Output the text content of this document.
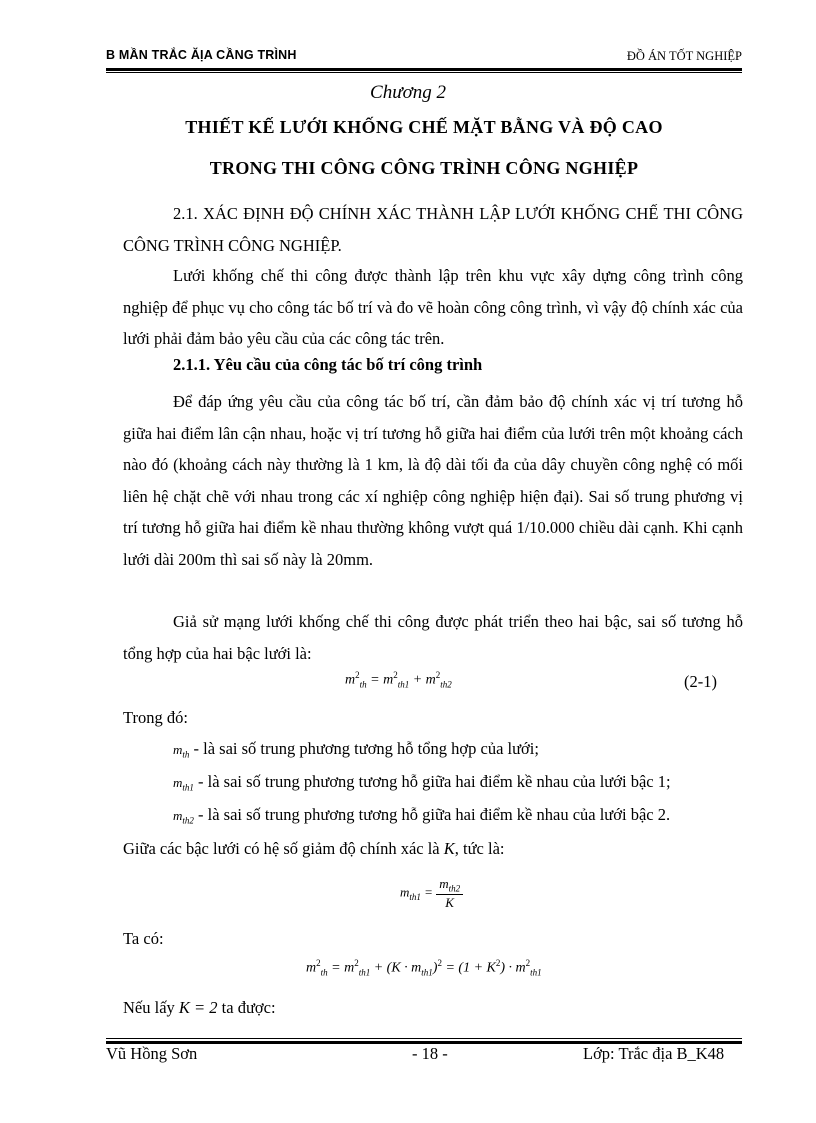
B MẦN TRẮC ĂỊA CẦNG TRÌNH	ĐỒ ÁN TỐT NGHIỆP
Chương 2
THIẾT KẾ LƯỚI KHỐNG CHẾ MẶT BẰNG VÀ ĐỘ CAO
TRONG THI CÔNG CÔNG TRÌNH CÔNG NGHIỆP
2.1. XÁC ĐỊNH ĐỘ CHÍNH XÁC THÀNH LẬP LƯỚI KHỐNG CHẾ THI CÔNG CÔNG TRÌNH CÔNG NGHIỆP.
Lưới khống chế thi công được thành lập trên khu vực xây dựng công trình công nghiệp để phục vụ cho công tác bố trí và đo vẽ hoàn công công trình, vì vậy độ chính xác của lưới phải đảm bảo yêu cầu của các công tác trên.
2.1.1. Yêu cầu của công tác bố trí công trình
Để đáp ứng yêu cầu của công tác bố trí, cần đảm bảo độ chính xác vị trí tương hỗ giữa hai điểm lân cận nhau, hoặc vị trí tương hỗ giữa hai điểm của lưới trên một khoảng cách nào đó (khoảng cách này thường là 1 km, là độ dài tối đa của dây chuyền công nghệ có mối liên hệ chặt chẽ với nhau trong các xí nghiệp công nghiệp hiện đại). Sai số trung phương vị trí tương hỗ giữa hai điểm kề nhau thường không vượt quá 1/10.000 chiều dài cạnh. Khi cạnh lưới dài 200m thì sai số này là 20mm.
Giả sử mạng lưới khống chế thi công được phát triển theo hai bậc, sai số tương hỗ tổng hợp của hai bậc lưới là:
$m^2_{th} = m^2_{th1} + m^2_{th2}$	(2-1)
Trong đó:
$m_{th}$ - là sai số trung phương tương hỗ tổng hợp của lưới;
$m_{th1}$ - là sai số trung phương tương hỗ giữa hai điểm kề nhau của lưới bậc 1;
$m_{th2}$ - là sai số trung phương tương hỗ giữa hai điểm kề nhau của lưới bậc 2.
Giữa các bậc lưới có hệ số giảm độ chính xác là K, tức là:
$m_{th1} = \frac{m_{th2}}{K}$
Ta có:
$m^2_{th} = m^2_{th1} + (K \cdot m_{th1})^2 = (1 + K^2) \cdot m^2_{th1}$
Nếu lấy K = 2 ta được:
Vũ Hồng Sơn	- 18 -	Lớp: Trắc địa B_K48
